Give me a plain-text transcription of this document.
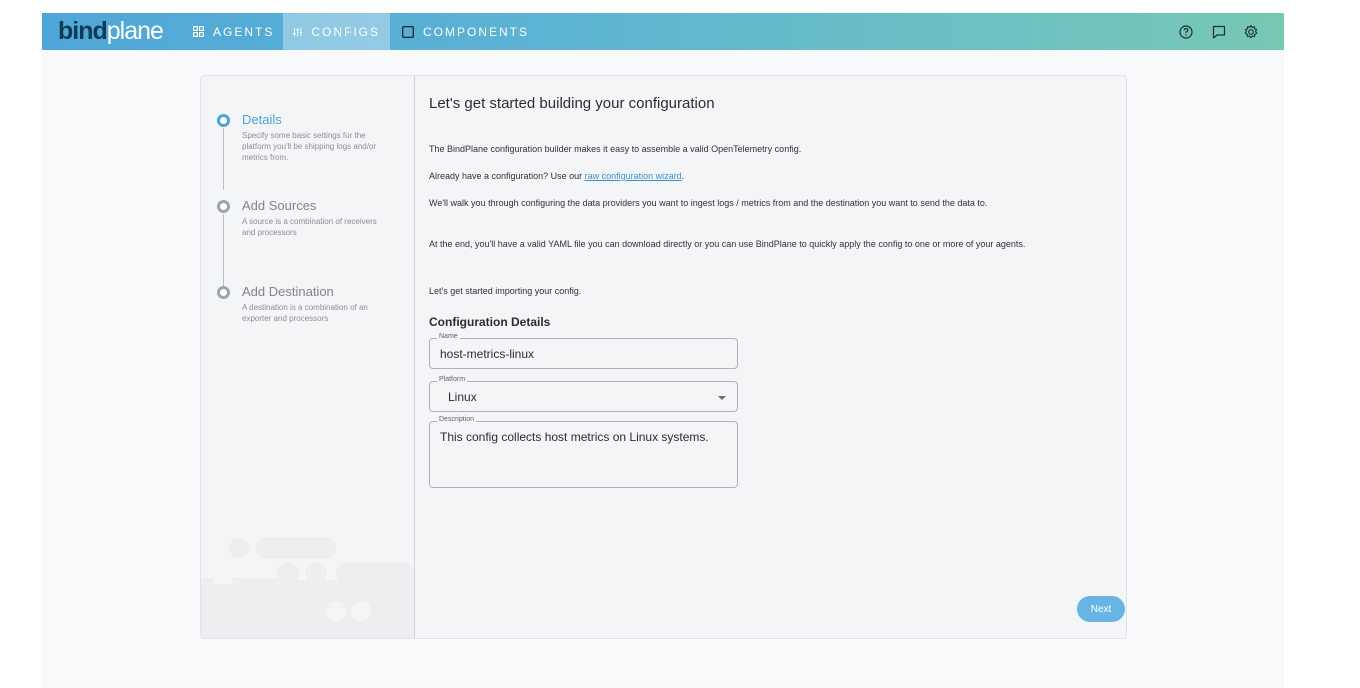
bindplane	AGENTS	CONFIGS	COMPONENTS
Details
Specify some basic settings for the platform you'll be shipping logs and/or metrics from.
Add Sources
A source is a combination of receivers and processors
Add Destination
A destination is a combination of an exporter and processors
Let's get started building your configuration
The BindPlane configuration builder makes it easy to assemble a valid OpenTelemetry config.
Already have a configuration? Use our raw configuration wizard.
We'll walk you through configuring the data providers you want to ingest logs / metrics from and the destination you want to send the data to.
At the end, you'll have a valid YAML file you can download directly or you can use BindPlane to quickly apply the config to one or more of your agents.
Let's get started importing your config.
Configuration Details
Name
host-metrics-linux
Platform
Linux
Description
This config collects host metrics on Linux systems.
Next
